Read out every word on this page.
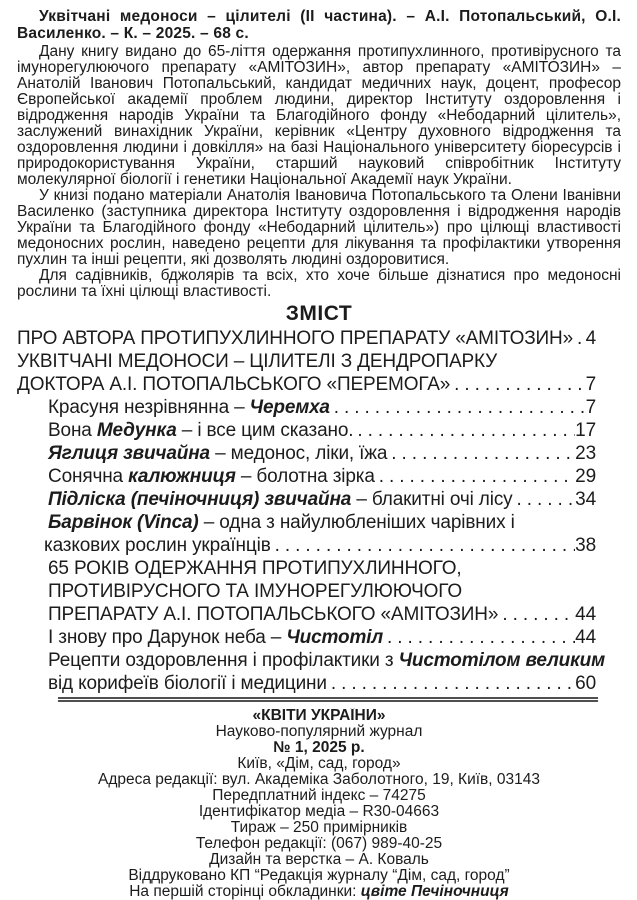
Уквітчані медоноси – цілителі (ІІ частина). – А.І. Потопальський, О.І. Василенко. – К. – 2025. – 68 с.

Дану книгу видано до 65-ліття одержання протипухлинного, противірусного та імунорегулюючого препарату «АМІТОЗИН», автор препарату «АМІТОЗИН» – Анатолій Іванович Потопальський, кандидат медичних наук, доцент, професор Європейської академії проблем людини, директор Інституту оздоровлення і відродження народів України та Благодійного фонду «Небодарний цілитель», заслужений винахідник України, керівник «Центру духовного відродження та оздоровлення людини і довкілля» на базі Національного університету біоресурсів і природокористування України, старший науковий співробітник Інституту молекулярної біології і генетики Національної Академії наук України.

У книзі подано матеріали Анатолія Івановича Потопальського та Олени Іванівни Василенко (заступника директора Інституту оздоровлення і відродження народів України та Благодійного фонду «Небодарний цілитель») про цілющі властивості медоносних рослин, наведено рецепти для лікування та профілактики утворення пухлин та інші рецепти, які дозволять людині оздоровитися.

Для садівників, бджолярів та всіх, хто хоче більше дізнатися про медоносні рослини та їхні цілющі властивості.

ЗМІСТ
ПРО АВТОРА ПРОТИПУХЛИННОГО ПРЕПАРАТУ «АМІТОЗИН» . . . 4
УКВІТЧАНІ МЕДОНОСИ – ЦІЛИТЕЛІ З ДЕНДРОПАРКУ
ДОКТОРА А.І. ПОТОПАЛЬСЬКОГО «ПЕРЕМОГА» . . .	7
Красуня незрівнянна – Черемха . . .	7
Вона Медунка – і все цим сказано. . . .	17
Яглиця звичайна – медонос, ліки, їжа . . .	23
Сонячна калюжниця – болотна зірка . . .	29
Підліска (печіночниця) звичайна – блакитні очі лісу . . .	34
Барвінок (Vinca) – одна з найулюбленіших чарівних і
казкових рослин українців . . .	38
65 РОКІВ ОДЕРЖАННЯ ПРОТИПУХЛИННОГО,
ПРОТИВІРУСНОГО ТА ІМУНОРЕГУЛЮЮЧОГО
ПРЕПАРАТУ А.І. ПОТОПАЛЬСЬКОГО «АМІТОЗИН» . . .	44
І знову про Дарунок неба – Чистотіл . . .	44
Рецепти оздоровлення і профілактики з Чистотілом великим
від корифеїв біології і медицини . . .	60
«КВІТИ УКРАЇНИ»
Науково-популярний журнал
№ 1, 2025 р.
Київ, «Дім, сад, город»
Адреса редакції: вул. Академіка Заболотного, 19, Київ, 03143
Передплатний індекс – 74275
Ідентифікатор медіа – R30-04663
Тираж – 250 примірників
Телефон редакції: (067) 989-40-25
Дизайн та верстка – А. Коваль
Віддруковано КП “Редакція журналу “Дім, сад, город”
На першій сторінці обкладинки: цвіте Печіночниця
